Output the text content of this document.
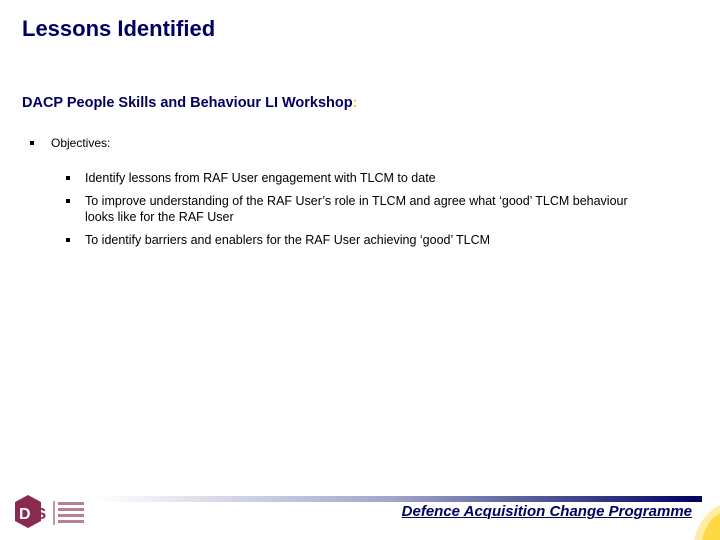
Lessons Identified
DACP People Skills and Behaviour LI Workshop:
Objectives:
Identify lessons from RAF User engagement with TLCM to date
To improve understanding of the RAF User’s role in TLCM and agree what ‘good’ TLCM behaviour looks like for the RAF User
To identify barriers and enablers for the RAF User achieving ‘good’ TLCM
D IS	Defence Acquisition Change Programme
